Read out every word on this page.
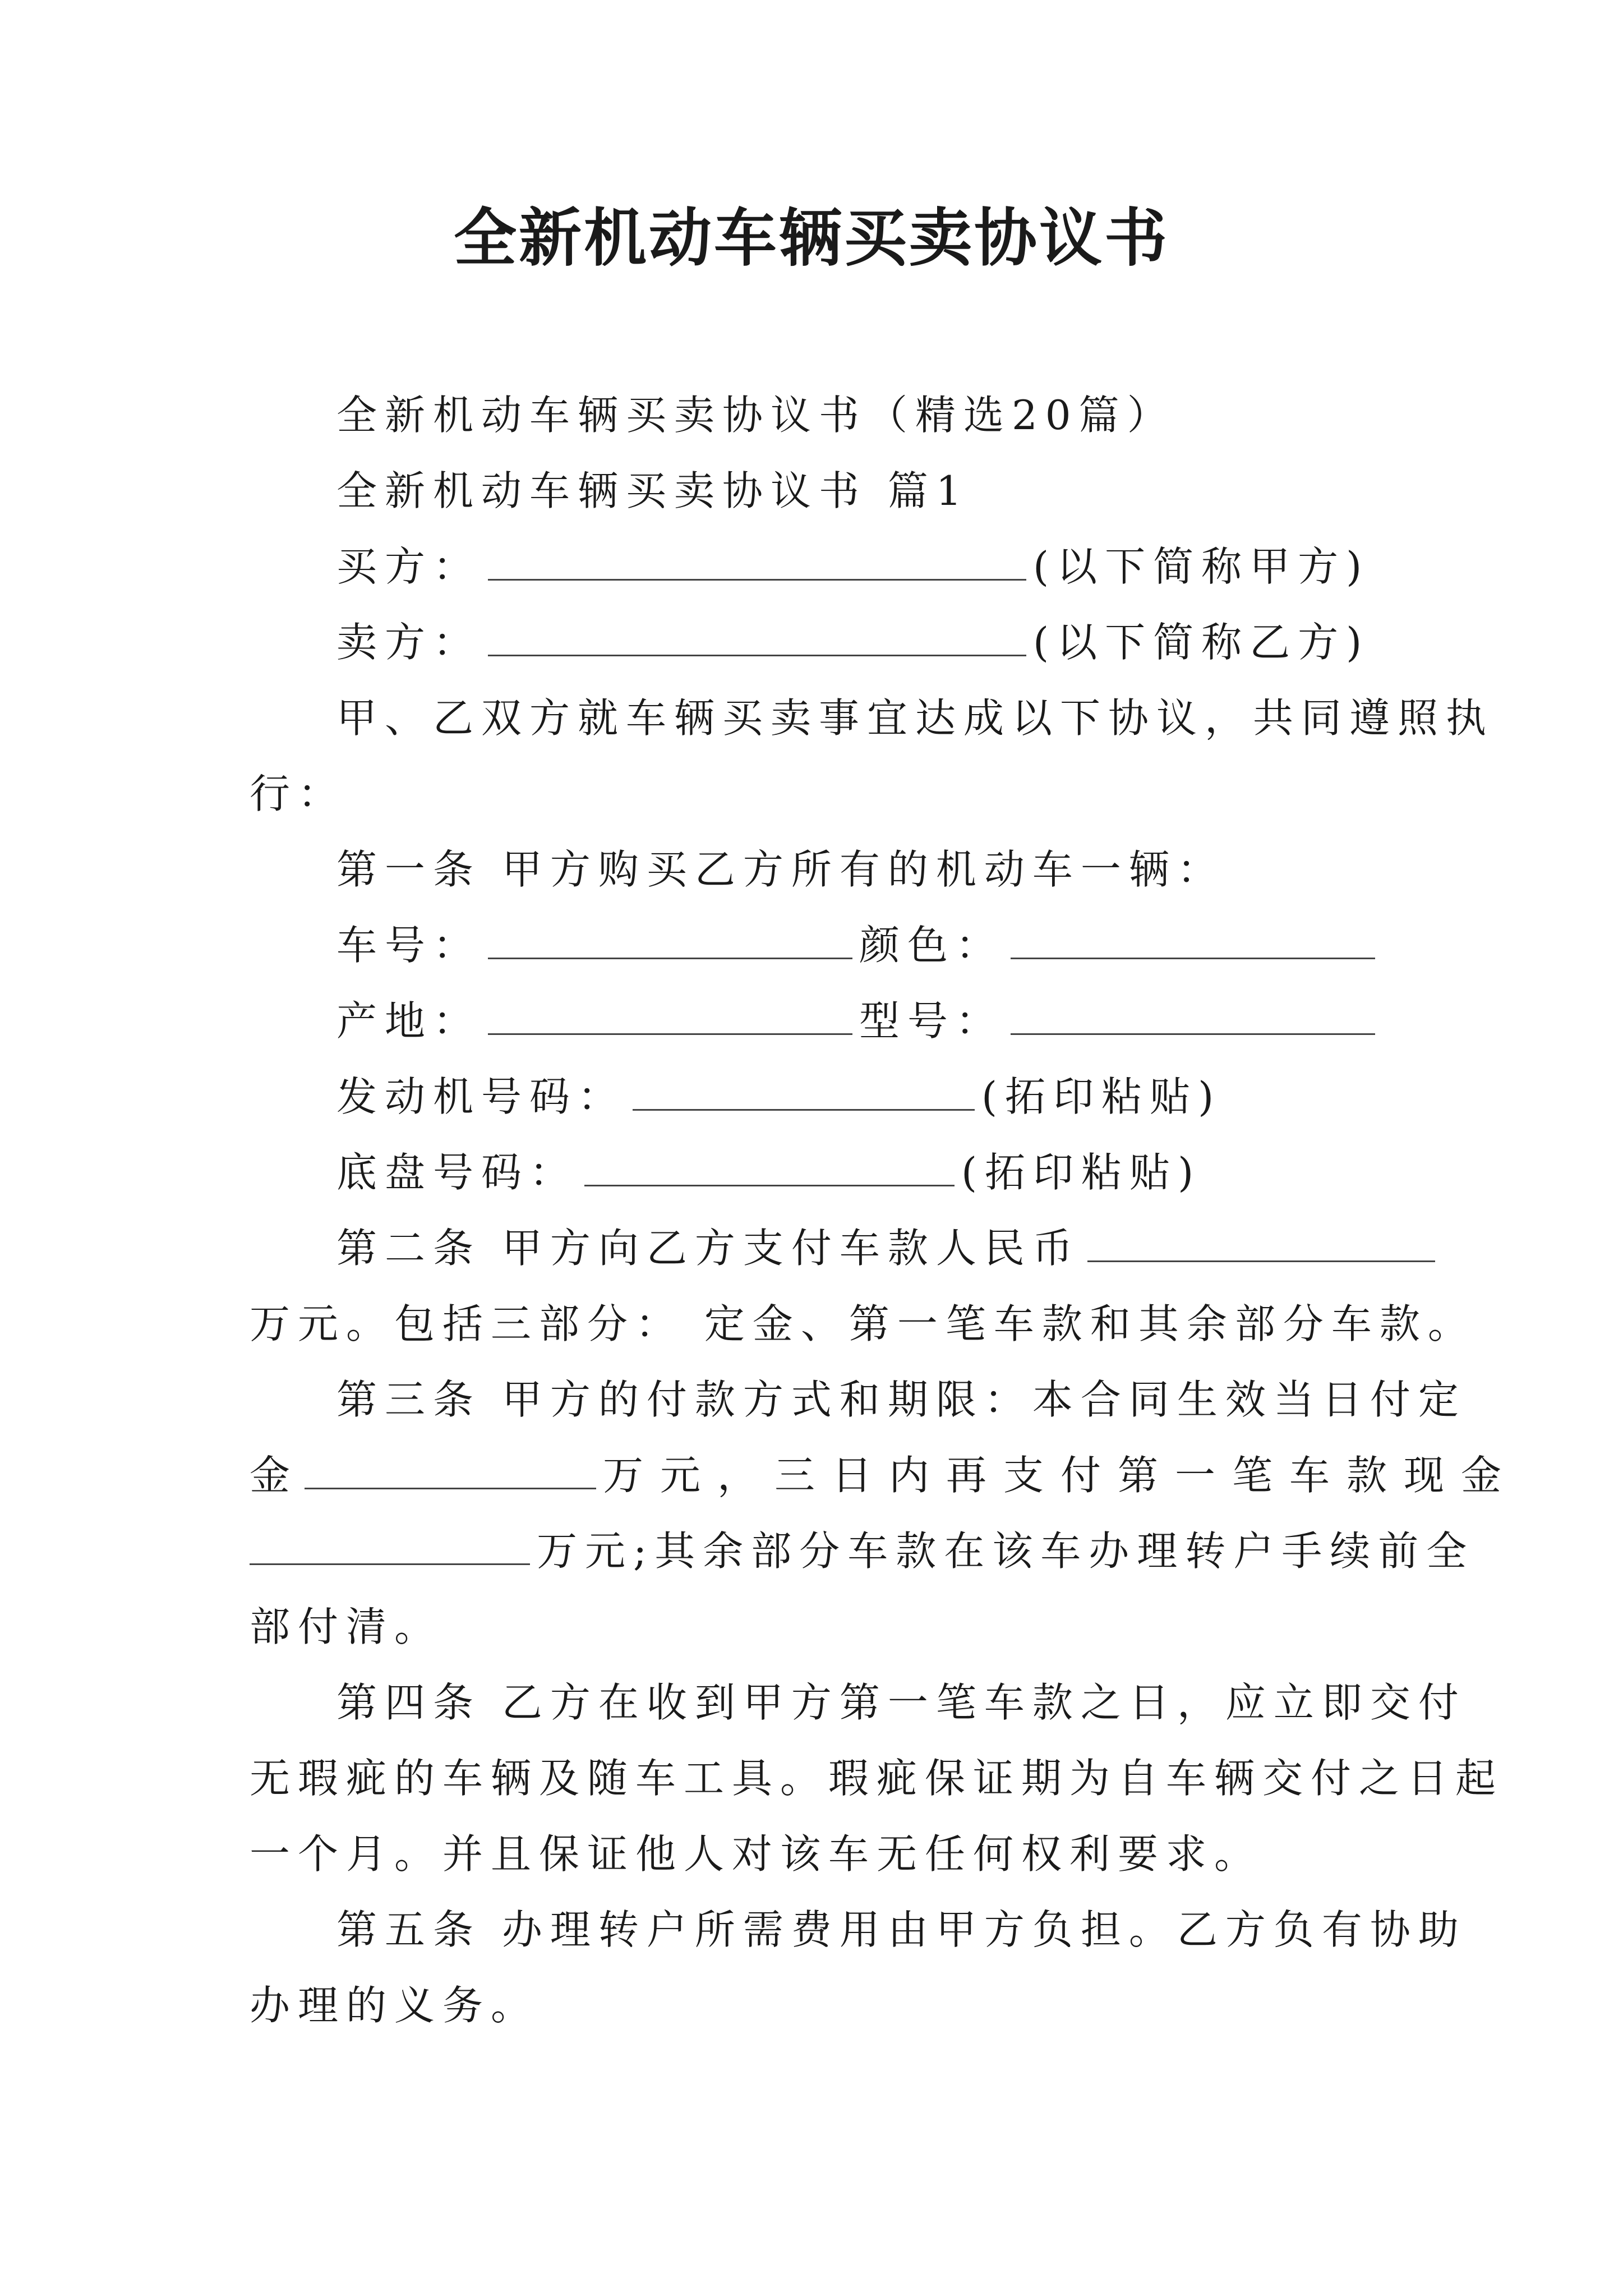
全新机动车辆买卖协议书
全新机动车辆买卖协议书（精选20篇）
全新机动车辆买卖协议书 篇1
买方：	(以下简称甲方)
卖方：	(以下简称乙方)
甲、乙双方就车辆买卖事宜达成以下协议，共同遵照执
行：
第一条 甲方购买乙方所有的机动车一辆：
车号：	颜色：
产地：	型号：
发动机号码：	(拓印粘贴)
底盘号码：	(拓印粘贴)
第二条 甲方向乙方支付车款人民币
万元。包括三部分： 定金、第一笔车款和其余部分车款。
第三条 甲方的付款方式和期限：本合同生效当日付定
金	万元，三日内再支付第一笔车款现金
万元;其余部分车款在该车办理转户手续前全
部付清。
第四条 乙方在收到甲方第一笔车款之日，应立即交付
无瑕疵的车辆及随车工具。瑕疵保证期为自车辆交付之日起
一个月。并且保证他人对该车无任何权利要求。
第五条 办理转户所需费用由甲方负担。乙方负有协助
办理的义务。
